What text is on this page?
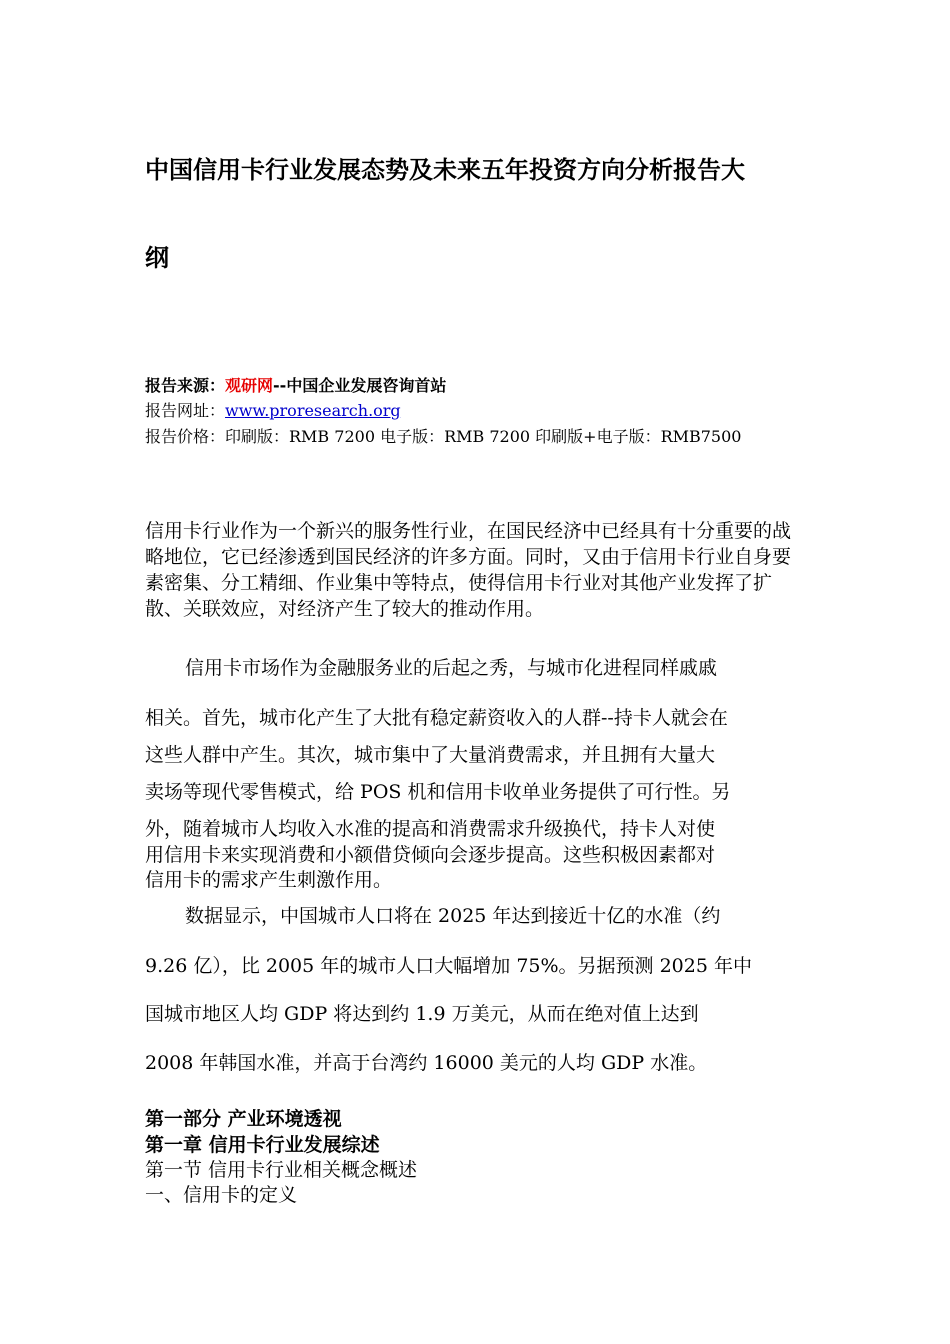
中国信用卡行业发展态势及未来五年投资方向分析报告大
纲
报告来源：观研网--中国企业发展咨询首站
报告网址：www.proresearch.org
报告价格：印刷版：RMB 7200 电子版：RMB 7200 印刷版+电子版：RMB7500
信用卡行业作为一个新兴的服务性行业，在国民经济中已经具有十分重要的战略地位，它已经渗透到国民经济的许多方面。同时，又由于信用卡行业自身要素密集、分工精细、作业集中等特点，使得信用卡行业对其他产业发挥了扩散、关联效应，对经济产生了较大的推动作用。
信用卡市场作为金融服务业的后起之秀，与城市化进程同样戚戚
相关。首先，城市化产生了大批有稳定薪资收入的人群--持卡人就会在
这些人群中产生。其次，城市集中了大量消费需求，并且拥有大量大
卖场等现代零售模式，给 POS 机和信用卡收单业务提供了可行性。另
外，随着城市人均收入水准的提高和消费需求升级换代，持卡人对使
用信用卡来实现消费和小额借贷倾向会逐步提高。这些积极因素都对
信用卡的需求产生刺激作用。
数据显示，中国城市人口将在 2025 年达到接近十亿的水准（约
9.26 亿），比 2005 年的城市人口大幅增加 75%。另据预测 2025 年中
国城市地区人均 GDP 将达到约 1.9 万美元，从而在绝对值上达到
2008 年韩国水准，并高于台湾约 16000 美元的人均 GDP 水准。
第一部分 产业环境透视
第一章 信用卡行业发展综述
第一节 信用卡行业相关概念概述
一、信用卡的定义
